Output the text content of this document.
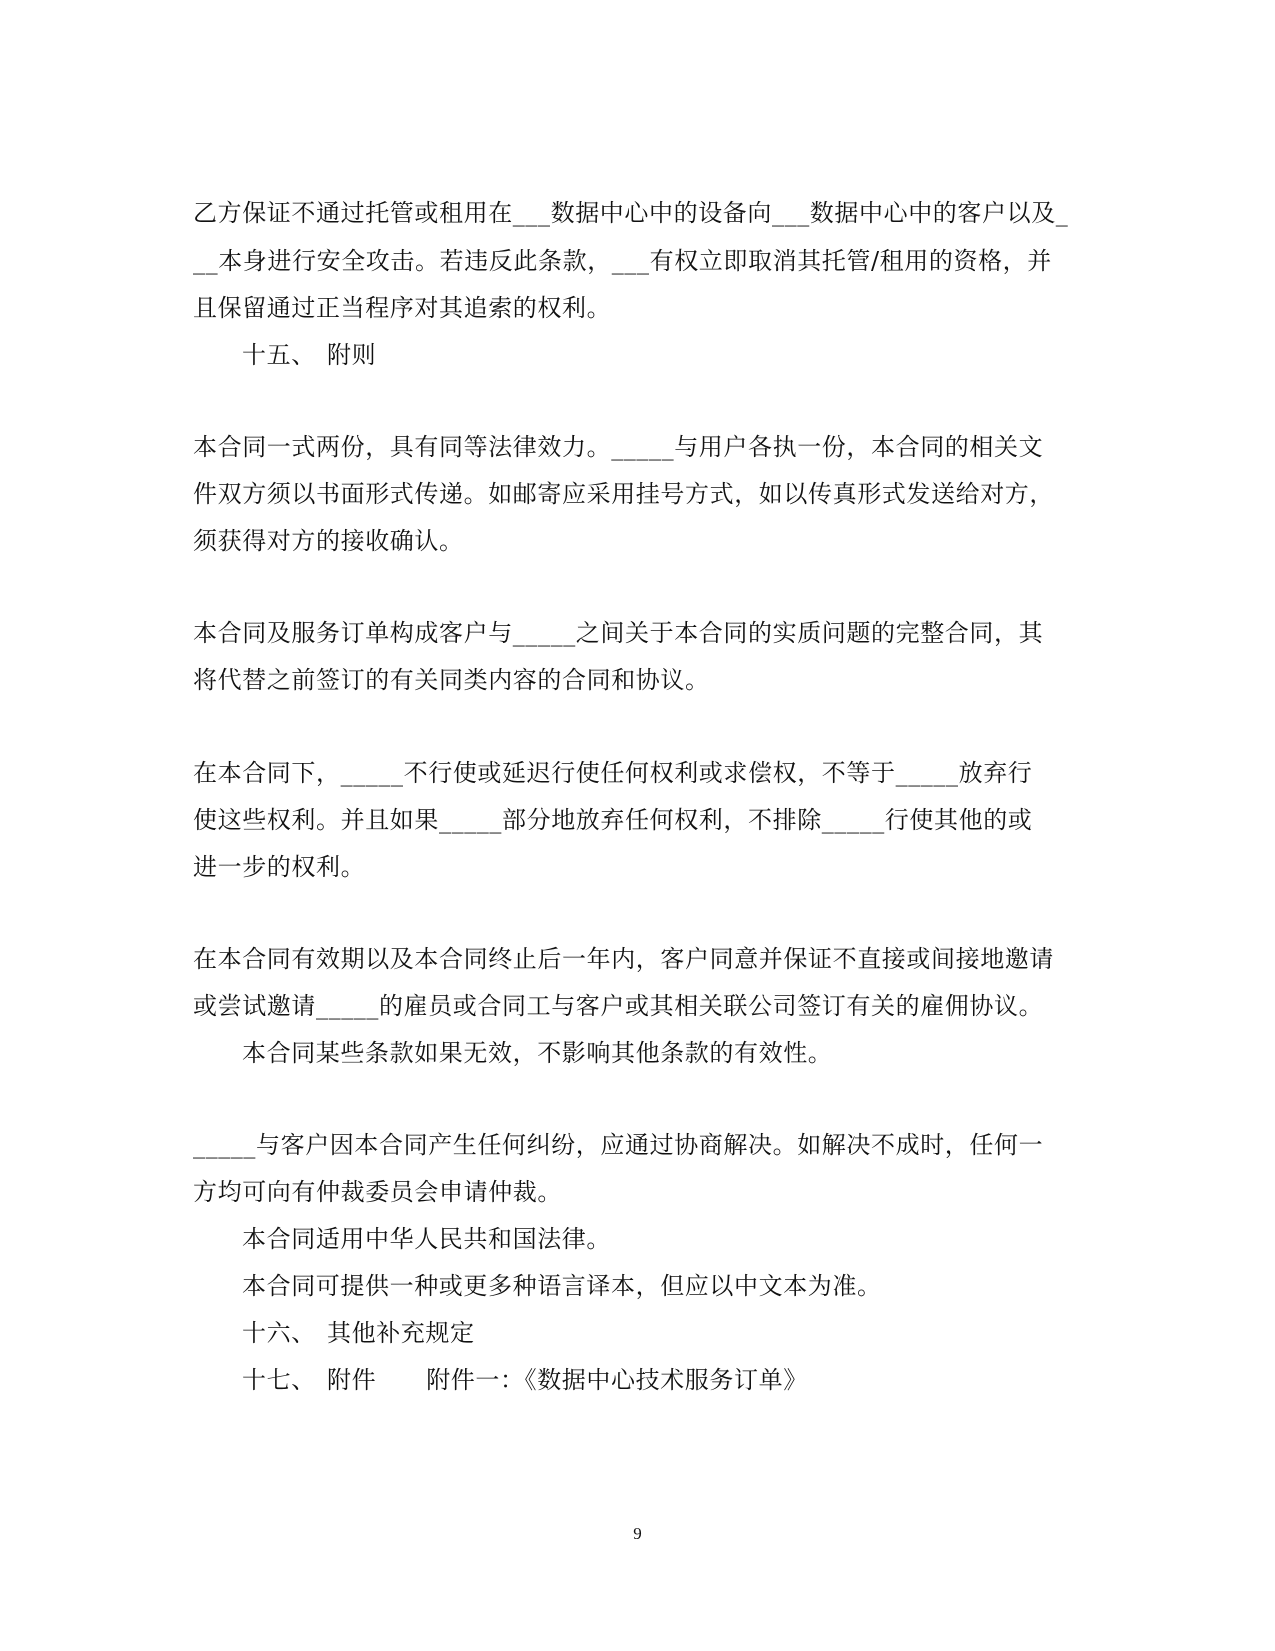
乙方保证不通过托管或租用在___数据中心中的设备向___数据中心中的客户以及_
__本身进行安全攻击。若违反此条款，___有权立即取消其托管/租用的资格，并
且保留通过正当程序对其追索的权利。
十五、 附则
本合同一式两份，具有同等法律效力。_____与用户各执一份，本合同的相关文
件双方须以书面形式传递。如邮寄应采用挂号方式，如以传真形式发送给对方，
须获得对方的接收确认。
本合同及服务订单构成客户与_____之间关于本合同的实质问题的完整合同，其
将代替之前签订的有关同类内容的合同和协议。
在本合同下，_____不行使或延迟行使任何权利或求偿权，不等于_____放弃行
使这些权利。并且如果_____部分地放弃任何权利，不排除_____行使其他的或
进一步的权利。
在本合同有效期以及本合同终止后一年内，客户同意并保证不直接或间接地邀请
或尝试邀请_____的雇员或合同工与客户或其相关联公司签订有关的雇佣协议。
本合同某些条款如果无效，不影响其他条款的有效性。
_____与客户因本合同产生任何纠纷，应通过协商解决。如解决不成时，任何一
方均可向有仲裁委员会申请仲裁。
本合同适用中华人民共和国法律。
本合同可提供一种或更多种语言译本，但应以中文本为准。
十六、 其他补充规定
十七、 附件 附件一：《数据中心技术服务订单》
9
